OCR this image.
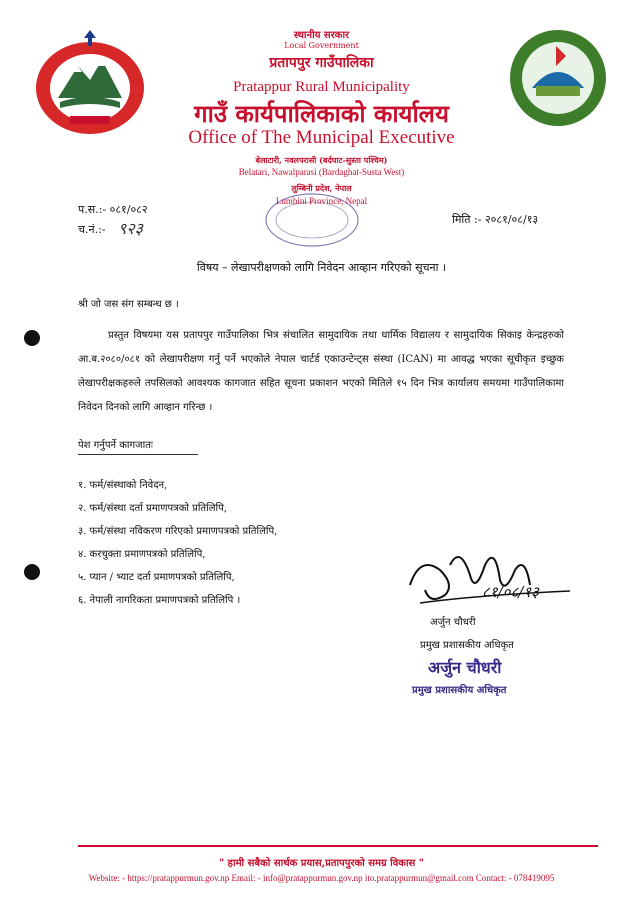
स्थानीय सरकार
Local Government
प्रतापपुर गाउँपालिका
Pratappur Rural Municipality
गाउँ कार्यपालिकाको कार्यालय
Office of The Municipal Executive
बेलाटारी, नवलपरासी (बर्दघाट-सुस्ता पश्चिम)
Belatari, Nawalparasi (Bardaghat-Susta West)
लुम्बिनी प्रदेश, नेपाल
Lumbini Province, Nepal
प.स.:- ०८१/०८२
च.नं.:- ९२३	मिति :- २०८१/०८/१३
विषय – लेखापरीक्षणको लागि निवेदन आव्हान गरिएको सूचना ।
श्री जो जस संग सम्बन्ध छ ।
प्रस्तुत विषयमा यस प्रतापपुर गाउँपालिका भित्र संचालित सामुदायिक तथा धार्मिक विद्यालय र सामुदायिक सिकाइ केन्द्रहरुको आ.ब.२०८०/०८१ को लेखापरीक्षण गर्नु पर्ने भएकोले नेपाल चार्टर्ड एकाउन्टेन्ट्स संस्था (ICAN) मा आवद्ध भएका सूचीकृत इच्छुक लेखापरीक्षकहरुले तपसिलको आवश्यक कागजात सहित सूचना प्रकाशन भएको मितिले १५ दिन भित्र कार्यालय समयमा गाउँपालिकामा निवेदन दिनको लागि आव्हान गरिन्छ ।
पेश गर्नुपर्ने कागजातः
१. फर्म/संस्थाको निवेदन,
२. फर्म/संस्था दर्ता प्रमाणपत्रको प्रतिलिपि,
३. फर्म/संस्था नविकरण गरिएको प्रमाणपत्रको प्रतिलिपि,
४. करचुक्ता प्रमाणपत्रको प्रतिलिपि,
५. प्यान / भ्याट दर्ता प्रमाणपत्रको प्रतिलिपि,
६. नेपाली नागरिकता प्रमाणपत्रको प्रतिलिपि ।	८१/०८/१३
अर्जुन चौधरी
प्रमुख प्रशासकीय अधिकृत
अर्जुन चौधरी
प्रमुख प्रशासकीय अधिकृत
" हामी सबैको सार्थक प्रयास,प्रतापपुरको समग्र विकास "
Website: - https://pratappurmun.gov.np Email: - info@pratappurmun.gov.np ito.pratappurmun@gmail.com Contact: - 078419095
